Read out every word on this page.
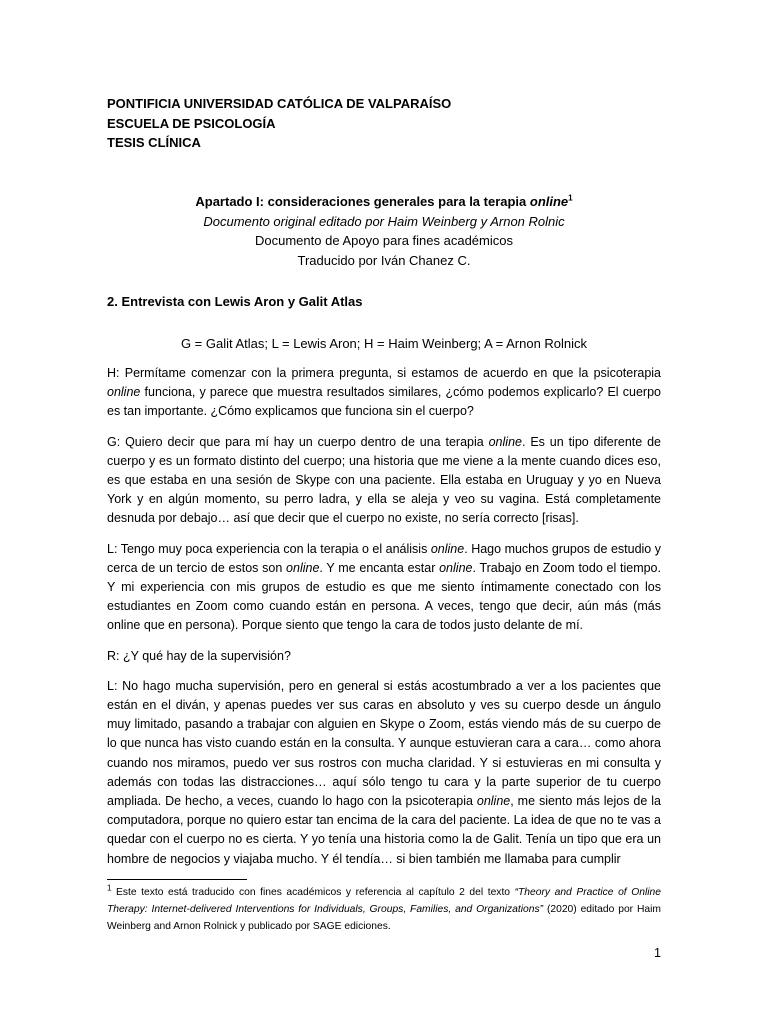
PONTIFICIA UNIVERSIDAD CATÓLICA DE VALPARAÍSO
ESCUELA DE PSICOLOGÍA
TESIS CLÍNICA
Apartado I: consideraciones generales para la terapia online$^1$
Documento original editado por Haim Weinberg y Arnon Rolnic
Documento de Apoyo para fines académicos
Traducido por Iván Chanez C.
2. Entrevista con Lewis Aron y Galit Atlas
G = Galit Atlas; L = Lewis Aron; H = Haim Weinberg; A = Arnon Rolnick

H: Permítame comenzar con la primera pregunta, si estamos de acuerdo en que la psicoterapia online funciona, y parece que muestra resultados similares, ¿cómo podemos explicarlo? El cuerpo es tan importante. ¿Cómo explicamos que funciona sin el cuerpo?

G: Quiero decir que para mí hay un cuerpo dentro de una terapia online. Es un tipo diferente de cuerpo y es un formato distinto del cuerpo; una historia que me viene a la mente cuando dices eso, es que estaba en una sesión de Skype con una paciente. Ella estaba en Uruguay y yo en Nueva York y en algún momento, su perro ladra, y ella se aleja y veo su vagina. Está completamente desnuda por debajo… así que decir que el cuerpo no existe, no sería correcto [risas].

L: Tengo muy poca experiencia con la terapia o el análisis online. Hago muchos grupos de estudio y cerca de un tercio de estos son online. Y me encanta estar online. Trabajo en Zoom todo el tiempo. Y mi experiencia con mis grupos de estudio es que me siento íntimamente conectado con los estudiantes en Zoom como cuando están en persona. A veces, tengo que decir, aún más (más online que en persona). Porque siento que tengo la cara de todos justo delante de mí.

R: ¿Y qué hay de la supervisión?

L: No hago mucha supervisión, pero en general si estás acostumbrado a ver a los pacientes que están en el diván, y apenas puedes ver sus caras en absoluto y ves su cuerpo desde un ángulo muy limitado, pasando a trabajar con alguien en Skype o Zoom, estás viendo más de su cuerpo de lo que nunca has visto cuando están en la consulta. Y aunque estuvieran cara a cara… como ahora cuando nos miramos, puedo ver sus rostros con mucha claridad. Y si estuvieras en mi consulta y además con todas las distracciones… aquí sólo tengo tu cara y la parte superior de tu cuerpo ampliada. De hecho, a veces, cuando lo hago con la psicoterapia online, me siento más lejos de la computadora, porque no quiero estar tan encima de la cara del paciente. La idea de que no te vas a quedar con el cuerpo no es cierta. Y yo tenía una historia como la de Galit. Tenía un tipo que era un hombre de negocios y viajaba mucho. Y él tendía… si bien también me llamaba para cumplir

$^1$ Este texto está traducido con fines académicos y referencia al capítulo 2 del texto “Theory and Practice of Online Therapy: Internet-delivered Interventions for Individuals, Groups, Families, and Organizations” (2020) editado por Haim Weinberg and Arnon Rolnick y publicado por SAGE ediciones.
1
